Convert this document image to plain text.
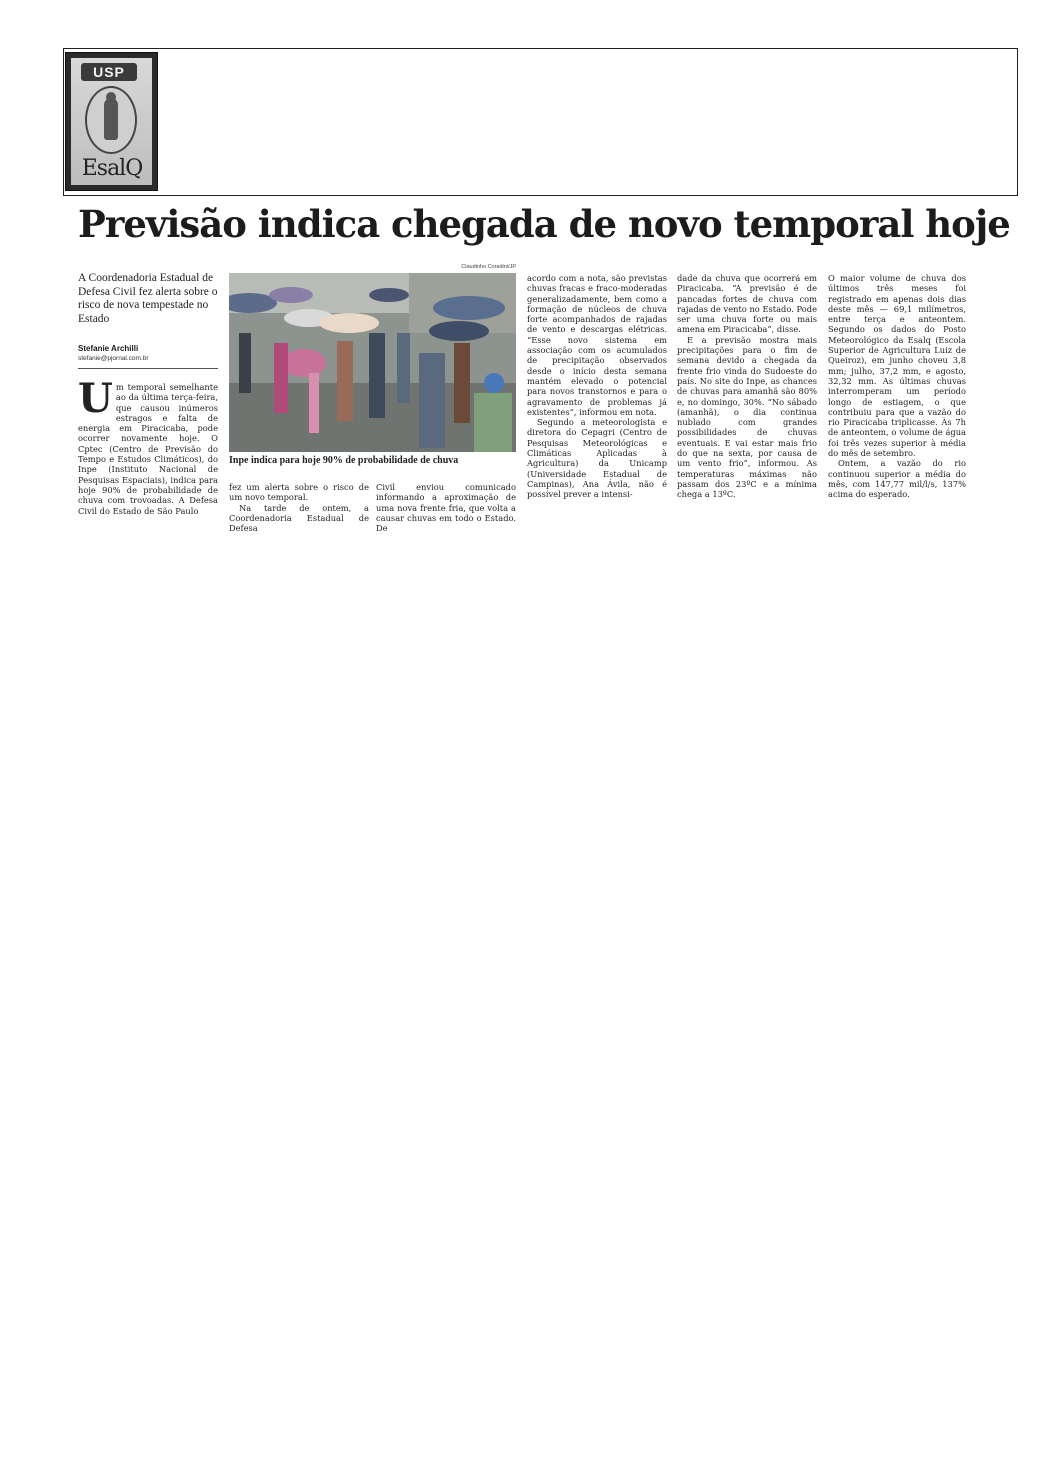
USP
EsalQ
Previsão indica chegada de novo temporal hoje
A Coordenadoria Estadual de Defesa Civil fez alerta sobre o risco de nova tempestade no Estado
Stefanie Archilli
stefanie@pjornal.com.br

Um temporal semelhante ao da última terça-feira, que causou inúmeros estragos e falta de energia em Piracicaba, pode ocorrer novamente hoje. O Cptec (Centro de Previsão do Tempo e Estudos Climáticos), do Inpe (Instituto Nacional de Pesquisas Espaciais), indica para hoje 90% de probabilidade de chuva com trovoadas. A Defesa Civil do Estado de São Paulo

Claudinho Coradini/JP
Inpe indica para hoje 90% de probabilidade de chuva

fez um alerta sobre o risco de um novo temporal.

Na tarde de ontem, a Coordenadoria Estadual de Defesa

Civil enviou comunicado informando a aproximação de uma nova frente fria, que volta a causar chuvas em todo o Estado. De

acordo com a nota, são previstas chuvas fracas e fraco-moderadas generalizadamente, bem como a formação de núcleos de chuva forte acompanhados de rajadas de vento e descargas elétricas. “Esse novo sistema em associação com os acumulados de precipitação observados desde o início desta semana mantém elevado o potencial para novos transtornos e para o agravamento de problemas já existentes”, informou em nota.

Segundo a meteorologista e diretora do Cepagri (Centro de Pesquisas Meteorológicas e Climáticas Aplicadas à Agricultura) da Unicamp (Universidade Estadual de Campinas), Ana Ávila, não é possível prever a intensi-

dade da chuva que ocorrerá em Piracicaba. “A previsão é de pancadas fortes de chuva com rajadas de vento no Estado. Pode ser uma chuva forte ou mais amena em Piracicaba”, disse.

E a previsão mostra mais precipitações para o fim de semana devido a chegada da frente frio vinda do Sudoeste do país. No site do Inpe, as chances de chuvas para amanhã são 80% e, no domingo, 30%. “No sábado (amanhã), o dia continua nublado com grandes possibilidades de chuvas eventuais. E vai estar mais frio do que na sexta, por causa de um vento frio”, informou. As temperaturas máximas não passam dos 23ºC e a mínima chega a 13ºC.

O maior volume de chuva dos últimos três meses foi registrado em apenas dois dias deste mês — 69,1 milímetros, entre terça e anteontem. Segundo os dados do Posto Meteorológico da Esalq (Escola Superior de Agricultura Luiz de Queiroz), em junho choveu 3,8 mm; julho, 37,2 mm, e agosto, 32,32 mm. As últimas chuvas interromperam um período longo de estiagem, o que contribuiu para que a vazão do rio Piracicaba triplicasse. Às 7h de anteontem, o volume de água foi três vezes superior à média do mês de setembro.

Ontem, a vazão do rio continuou superior a média do mês, com 147,77 mil/l/s, 137% acima do esperado.
